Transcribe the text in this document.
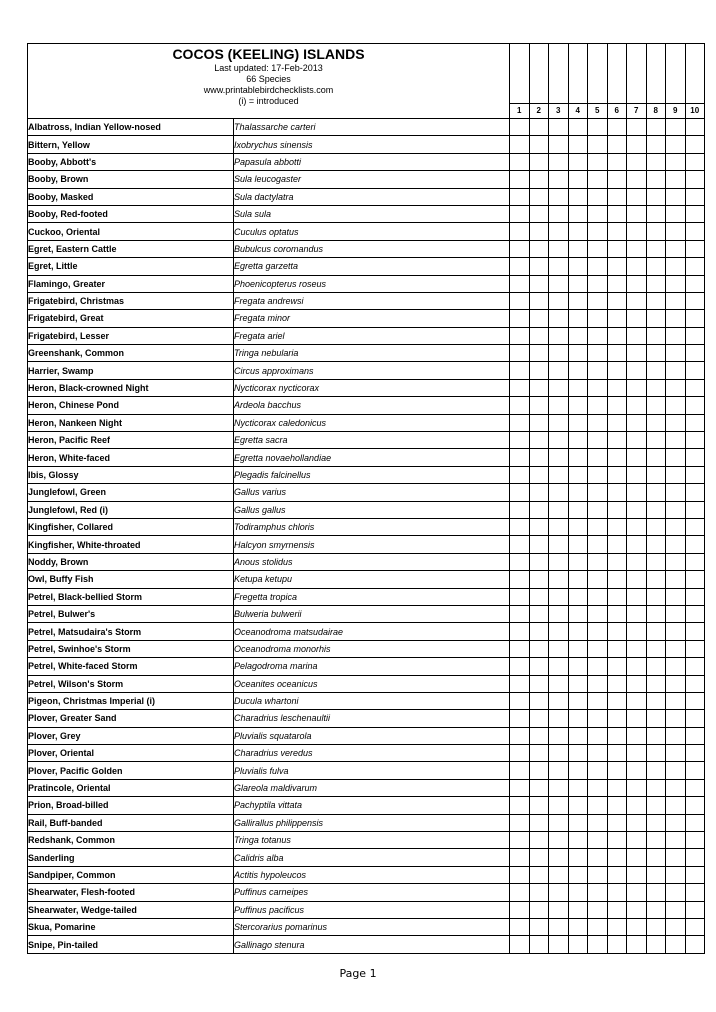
COCOS (KEELING) ISLANDS
Last updated: 17-Feb-2013
66 Species
www.printablebirdchecklists.com
(i) = introduced		1	2	3	4	5	6	7	8	9	10

Albatross, Indian Yellow-nosed	Thalassarche carteri										
Bittern, Yellow	Ixobrychus sinensis										
Booby, Abbott's	Papasula abbotti										
Booby, Brown	Sula leucogaster										
Booby, Masked	Sula dactylatra										
Booby, Red-footed	Sula sula										
Cuckoo, Oriental	Cuculus optatus										
Egret, Eastern Cattle	Bubulcus coromandus										
Egret, Little	Egretta garzetta										
Flamingo, Greater	Phoenicopterus roseus										
Frigatebird, Christmas	Fregata andrewsi										
Frigatebird, Great	Fregata minor										
Frigatebird, Lesser	Fregata ariel										
Greenshank, Common	Tringa nebularia										
Harrier, Swamp	Circus approximans										
Heron, Black-crowned Night	Nycticorax nycticorax										
Heron, Chinese Pond	Ardeola bacchus										
Heron, Nankeen Night	Nycticorax caledonicus										
Heron, Pacific Reef	Egretta sacra										
Heron, White-faced	Egretta novaehollandiae										
Ibis, Glossy	Plegadis falcinellus										
Junglefowl, Green	Gallus varius										
Junglefowl, Red (i)	Gallus gallus										
Kingfisher, Collared	Todiramphus chloris										
Kingfisher, White-throated	Halcyon smyrnensis										
Noddy, Brown	Anous stolidus										
Owl, Buffy Fish	Ketupa ketupu										
Petrel, Black-bellied Storm	Fregetta tropica										
Petrel, Bulwer's	Bulweria bulwerii										
Petrel, Matsudaira's Storm	Oceanodroma matsudairae										
Petrel, Swinhoe's Storm	Oceanodroma monorhis										
Petrel, White-faced Storm	Pelagodroma marina										
Petrel, Wilson's Storm	Oceanites oceanicus										
Pigeon, Christmas Imperial (i)	Ducula whartoni										
Plover, Greater Sand	Charadrius leschenaultii										
Plover, Grey	Pluvialis squatarola										
Plover, Oriental	Charadrius veredus										
Plover, Pacific Golden	Pluvialis fulva										
Pratincole, Oriental	Glareola maldivarum										
Prion, Broad-billed	Pachyptila vittata										
Rail, Buff-banded	Gallirallus philippensis										
Redshank, Common	Tringa totanus										
Sanderling	Calidris alba										
Sandpiper, Common	Actitis hypoleucos										
Shearwater, Flesh-footed	Puffinus carneipes										
Shearwater, Wedge-tailed	Puffinus pacificus										
Skua, Pomarine	Stercorarius pomarinus										
Snipe, Pin-tailed	Gallinago stenura										
Page 1
